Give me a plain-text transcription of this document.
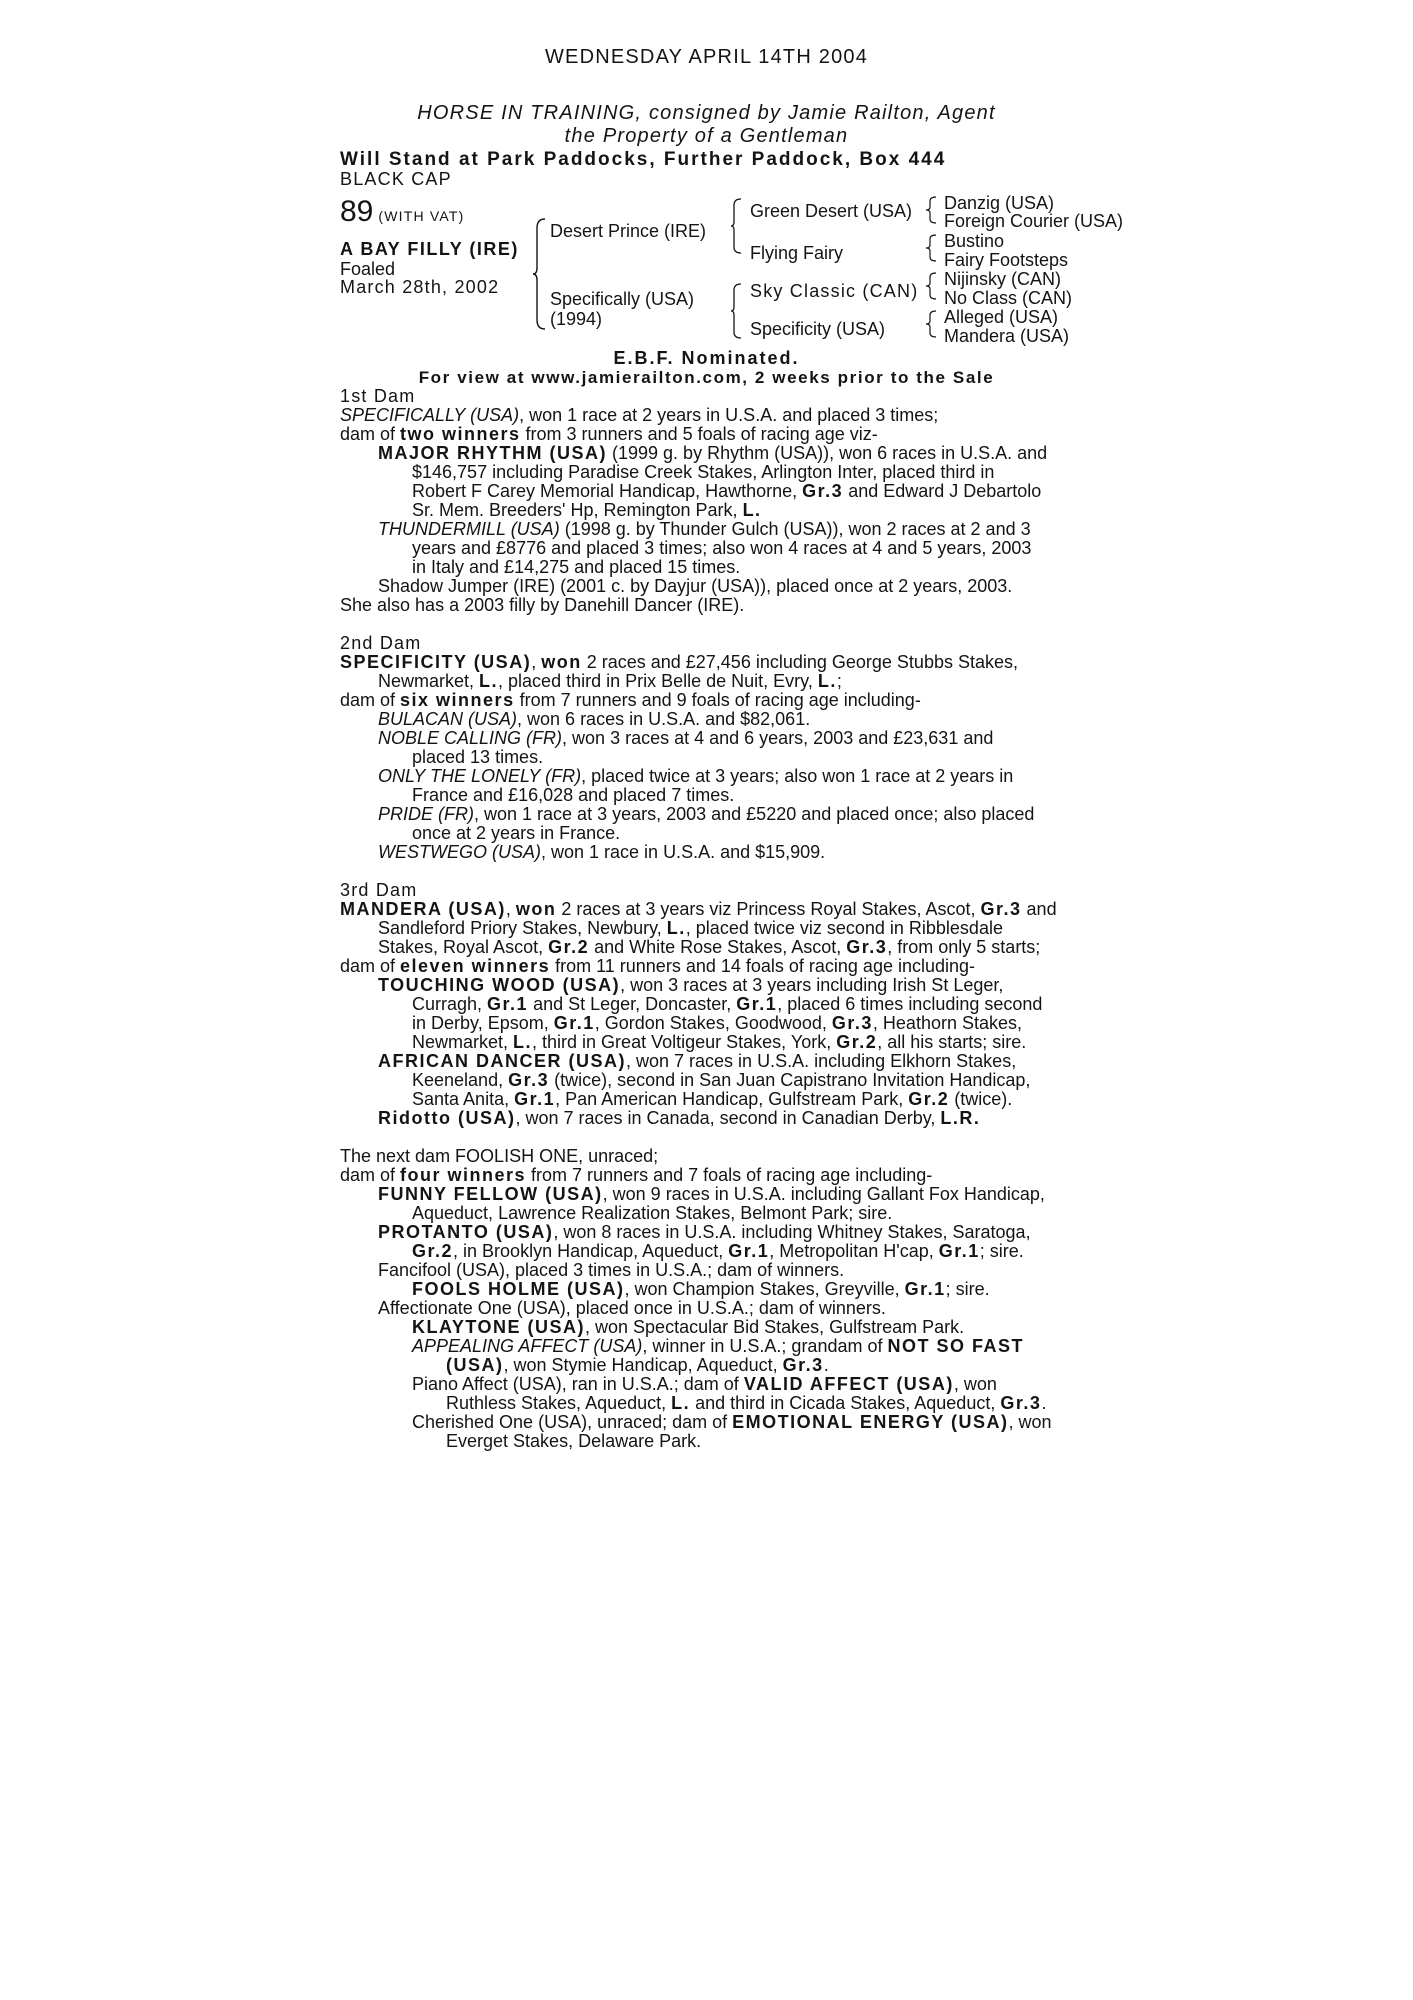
WEDNESDAY APRIL 14TH 2004
HORSE IN TRAINING, consigned by Jamie Railton, Agent
the Property of a Gentleman
Will Stand at Park Paddocks, Further Paddock, Box 444
BLACK CAP
89 (WITH VAT)
A BAY FILLY (IRE)
Foaled
March 28th, 2002
Desert Prince (IRE)
Specifically (USA)
(1994)
Green Desert (USA)
Flying Fairy
Sky Classic (CAN)
Specificity (USA)
Danzig (USA)
Foreign Courier (USA)
Bustino
Fairy Footsteps
Nijinsky (CAN)
No Class (CAN)
Alleged (USA)
Mandera (USA)
E.B.F. Nominated.
For view at www.jamierailton.com, 2 weeks prior to the Sale
1st Dam
SPECIFICALLY (USA), won 1 race at 2 years in U.S.A. and placed 3 times;
dam of two winners from 3 runners and 5 foals of racing age viz-
MAJOR RHYTHM (USA) (1999 g. by Rhythm (USA)), won 6 races in U.S.A. and
$146,757 including Paradise Creek Stakes, Arlington Inter, placed third in
Robert F Carey Memorial Handicap, Hawthorne, Gr.3 and Edward J Debartolo
Sr. Mem. Breeders' Hp, Remington Park, L.
THUNDERMILL (USA) (1998 g. by Thunder Gulch (USA)), won 2 races at 2 and 3
years and £8776 and placed 3 times; also won 4 races at 4 and 5 years, 2003
in Italy and £14,275 and placed 15 times.
Shadow Jumper (IRE) (2001 c. by Dayjur (USA)), placed once at 2 years, 2003.
She also has a 2003 filly by Danehill Dancer (IRE).
2nd Dam
SPECIFICITY (USA), won 2 races and £27,456 including George Stubbs Stakes,
Newmarket, L., placed third in Prix Belle de Nuit, Evry, L.;
dam of six winners from 7 runners and 9 foals of racing age including-
BULACAN (USA), won 6 races in U.S.A. and $82,061.
NOBLE CALLING (FR), won 3 races at 4 and 6 years, 2003 and £23,631 and
placed 13 times.
ONLY THE LONELY (FR), placed twice at 3 years; also won 1 race at 2 years in
France and £16,028 and placed 7 times.
PRIDE (FR), won 1 race at 3 years, 2003 and £5220 and placed once; also placed
once at 2 years in France.
WESTWEGO (USA), won 1 race in U.S.A. and $15,909.
3rd Dam
MANDERA (USA), won 2 races at 3 years viz Princess Royal Stakes, Ascot, Gr.3 and
Sandleford Priory Stakes, Newbury, L., placed twice viz second in Ribblesdale
Stakes, Royal Ascot, Gr.2 and White Rose Stakes, Ascot, Gr.3, from only 5 starts;
dam of eleven winners from 11 runners and 14 foals of racing age including-
TOUCHING WOOD (USA), won 3 races at 3 years including Irish St Leger,
Curragh, Gr.1 and St Leger, Doncaster, Gr.1, placed 6 times including second
in Derby, Epsom, Gr.1, Gordon Stakes, Goodwood, Gr.3, Heathorn Stakes,
Newmarket, L., third in Great Voltigeur Stakes, York, Gr.2, all his starts; sire.
AFRICAN DANCER (USA), won 7 races in U.S.A. including Elkhorn Stakes,
Keeneland, Gr.3 (twice), second in San Juan Capistrano Invitation Handicap,
Santa Anita, Gr.1, Pan American Handicap, Gulfstream Park, Gr.2 (twice).
Ridotto (USA), won 7 races in Canada, second in Canadian Derby, L.R.
The next dam FOOLISH ONE, unraced;
dam of four winners from 7 runners and 7 foals of racing age including-
FUNNY FELLOW (USA), won 9 races in U.S.A. including Gallant Fox Handicap,
Aqueduct, Lawrence Realization Stakes, Belmont Park; sire.
PROTANTO (USA), won 8 races in U.S.A. including Whitney Stakes, Saratoga,
Gr.2, in Brooklyn Handicap, Aqueduct, Gr.1, Metropolitan H'cap, Gr.1; sire.
Fancifool (USA), placed 3 times in U.S.A.; dam of winners.
FOOLS HOLME (USA), won Champion Stakes, Greyville, Gr.1; sire.
Affectionate One (USA), placed once in U.S.A.; dam of winners.
KLAYTONE (USA), won Spectacular Bid Stakes, Gulfstream Park.
APPEALING AFFECT (USA), winner in U.S.A.; grandam of NOT SO FAST
(USA), won Stymie Handicap, Aqueduct, Gr.3.
Piano Affect (USA), ran in U.S.A.; dam of VALID AFFECT (USA), won
Ruthless Stakes, Aqueduct, L. and third in Cicada Stakes, Aqueduct, Gr.3.
Cherished One (USA), unraced; dam of EMOTIONAL ENERGY (USA), won
Everget Stakes, Delaware Park.
